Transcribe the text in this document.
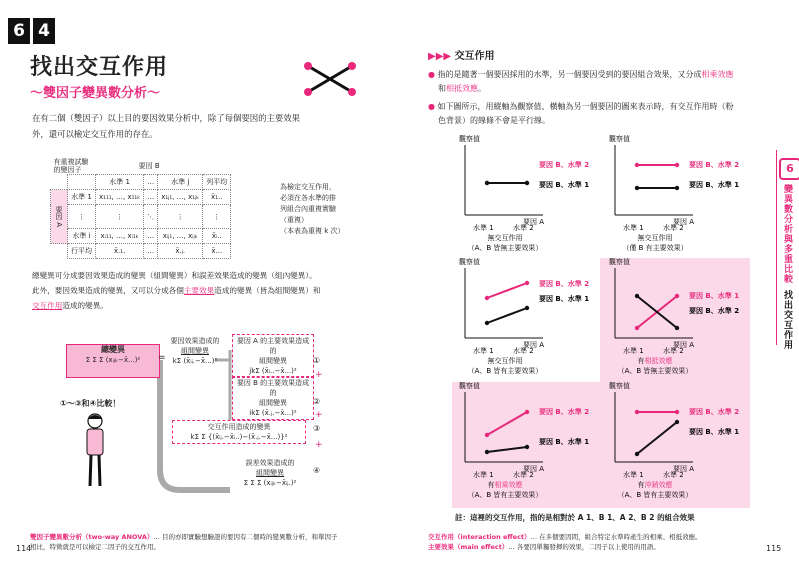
6 4
找出交互作用
〜雙因子變異數分析〜
在有二個（雙因子）以上目的要因效果分析中，除了每個要因的主要效果
外，還可以檢定交互作用的存在。
有重複試驗
的變因子		要因 B			
		水準 1	…	水準 j	列平均
要因 A	水準 1	x₁₁₁, …, x₁₁ₖ	…	x₁ⱼ₁, …, x₁ⱼₖ	x̄₁..
	⋮	⋮	⋱	⋮	⋮
	水準 i	xᵢ₁₁, …, xᵢ₁ₖ	…	xᵢⱼ₁, …, xᵢⱼₖ	x̄ᵢ..
	行平均	x̄.₁.	…	x̄.ⱼ.	x̄...
為檢定交互作用，
必須在各水準的排
列組合內重複實驗
（重複）
（本表為重複 k 次）
總變異可分成要因效果造成的變異（組間變異）和誤差效果造成的變異（組內變異）。
此外，要因效果造成的變異，又可以分成各個主要效果造成的變異（皆為組間變異）和
交互作用造成的變異。
總變異
Σ Σ Σ (xᵢⱼₖ−x̄...)²	=
要因效果造成的
組間變異
kΣ (x̄ᵢⱼ.−x̄...)²
要因 A 的主要效果造成的
組間變異
jkΣ (x̄ᵢ..−x̄...)²
①
+
要因 B 的主要效果造成的
組間變異
ikΣ (x̄.ⱼ.−x̄...)²
②
+
交互作用造成的變異
kΣ Σ {(x̄ᵢⱼ.−x̄ᵢ..)−(x̄.ⱼ.−x̄...)}²
③
+
誤差效果造成的
組間變異
Σ Σ Σ (xᵢⱼₖ−x̄ᵢⱼ.)²
④
①〜③和④比較！
雙因子變異數分析（two-way ANOVA）… 目的亦即實驗想驗證的要因有二個時的變異數分析，和單因子
相比，特徵就是可以檢定二因子的交互作用。
114
▶▶▶ 交互作用
● 指的是隨著一個要因採用的水準，另一個要因受到的要因組合效果，又分成相乘效應
和相抵效應。
● 如下圖所示，用縱軸為觀察值、橫軸為另一個要因的圖來表示時，有交互作用時（粉
色背景）的線條不會是平行線。
觀察值
要因 A
水準 1	水準 2
要因 B、水準 2
要因 B、水準 1
無交互作用
（A、B 皆無主要效果）
觀察值
要因 A
水準 1	水準 2
要因 B、水準 2
要因 B、水準 1
無交互作用
（僅 B 有主要效果）
觀察值
要因 A
水準 1	水準 2
要因 B、水準 2
要因 B、水準 1
無交互作用
（A、B 皆有主要效果）
觀察值
要因 A
水準 1	水準 2
要因 B、水準 1
要因 B、水準 2
有相抵效應
（A、B 皆無主要效果）
觀察值
要因 A
水準 1	水準 2
要因 B、水準 2
要因 B、水準 1
有相乘效應
（A、B 皆有主要效果）
觀察值
要因 A
水準 1	水準 2
要因 B、水準 2
要因 B、水準 1
有沖銷效應
（A、B 皆有主要效果）
註：這裡的交互作用，指的是相對於 A 1、B 1、A 2、B 2 的組合效果
6
變異數分析與多重比較
找出交互作用
交互作用（interaction effect）… 在多個要因間，組合特定水準時產生的相乘、相抵效應。
主要效果（main effect）… 各要因單獨發揮的效果，二因子以上使用的用語。	115
